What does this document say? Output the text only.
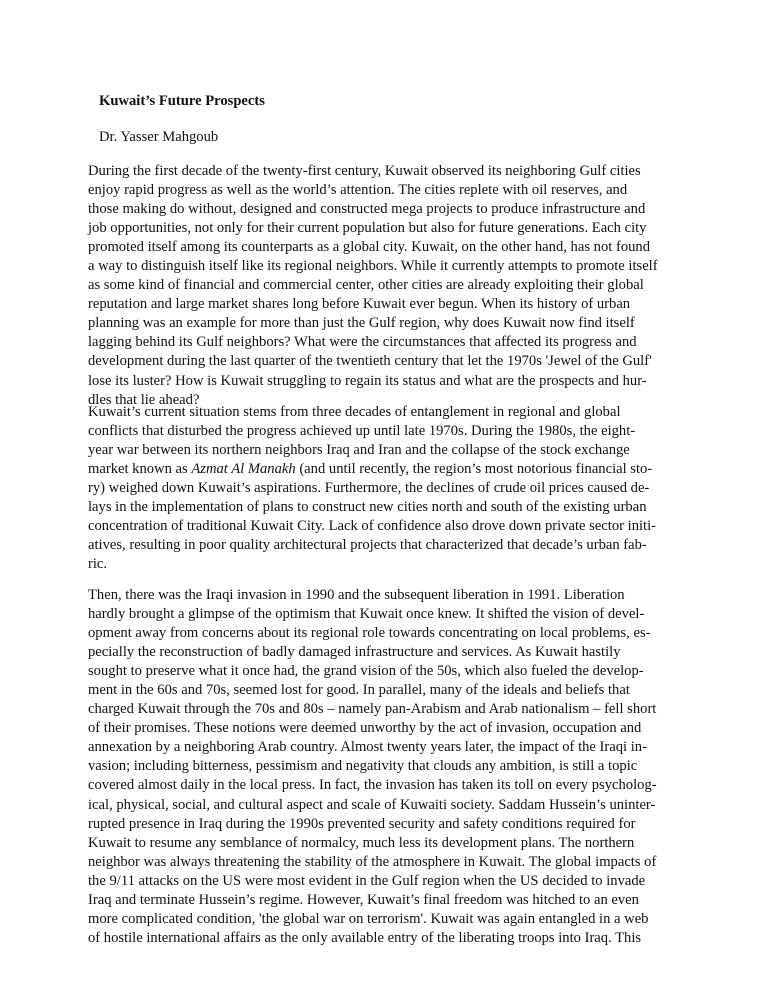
Kuwait’s Future Prospects
Dr. Yasser Mahgoub
During the first decade of the twenty-first century, Kuwait observed its neighboring Gulf cities
enjoy rapid progress as well as the world’s attention. The cities replete with oil reserves, and
those making do without, designed and constructed mega projects to produce infrastructure and
job opportunities, not only for their current population but also for future generations. Each city
promoted itself among its counterparts as a global city. Kuwait, on the other hand, has not found
a way to distinguish itself like its regional neighbors. While it currently attempts to promote itself
as some kind of financial and commercial center, other cities are already exploiting their global
reputation and large market shares long before Kuwait ever begun. When its history of urban
planning was an example for more than just the Gulf region, why does Kuwait now find itself
lagging behind its Gulf neighbors? What were the circumstances that affected its progress and
development during the last quarter of the twentieth century that let the 1970s 'Jewel of the Gulf'
lose its luster? How is Kuwait struggling to regain its status and what are the prospects and hur-
dles that lie ahead?
Kuwait’s current situation stems from three decades of entanglement in regional and global
conflicts that disturbed the progress achieved up until late 1970s. During the 1980s, the eight-
year war between its northern neighbors Iraq and Iran and the collapse of the stock exchange
market known as Azmat Al Manakh (and until recently, the region’s most notorious financial sto-
ry) weighed down Kuwait’s aspirations. Furthermore, the declines of crude oil prices caused de-
lays in the implementation of plans to construct new cities north and south of the existing urban
concentration of traditional Kuwait City. Lack of confidence also drove down private sector initi-
atives, resulting in poor quality architectural projects that characterized that decade’s urban fab-
ric.
Then, there was the Iraqi invasion in 1990 and the subsequent liberation in 1991. Liberation
hardly brought a glimpse of the optimism that Kuwait once knew. It shifted the vision of devel-
opment away from concerns about its regional role towards concentrating on local problems, es-
pecially the reconstruction of badly damaged infrastructure and services. As Kuwait hastily
sought to preserve what it once had, the grand vision of the 50s, which also fueled the develop-
ment in the 60s and 70s, seemed lost for good. In parallel, many of the ideals and beliefs that
charged Kuwait through the 70s and 80s – namely pan-Arabism and Arab nationalism – fell short
of their promises. These notions were deemed unworthy by the act of invasion, occupation and
annexation by a neighboring Arab country. Almost twenty years later, the impact of the Iraqi in-
vasion; including bitterness, pessimism and negativity that clouds any ambition, is still a topic
covered almost daily in the local press. In fact, the invasion has taken its toll on every psycholog-
ical, physical, social, and cultural aspect and scale of Kuwaiti society. Saddam Hussein’s uninter-
rupted presence in Iraq during the 1990s prevented security and safety conditions required for
Kuwait to resume any semblance of normalcy, much less its development plans. The northern
neighbor was always threatening the stability of the atmosphere in Kuwait. The global impacts of
the 9/11 attacks on the US were most evident in the Gulf region when the US decided to invade
Iraq and terminate Hussein’s regime. However, Kuwait’s final freedom was hitched to an even
more complicated condition, 'the global war on terrorism'. Kuwait was again entangled in a web
of hostile international affairs as the only available entry of the liberating troops into Iraq. This
